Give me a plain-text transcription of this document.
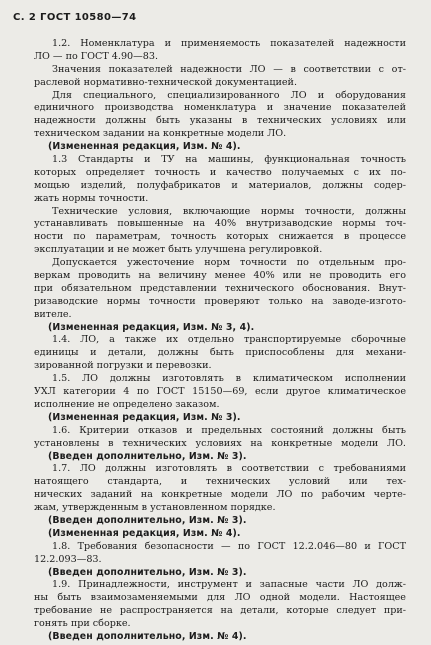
С. 2 ГОСТ 10580—74
1.2. Номенклатура и применяемость показателей надежности
ЛО — по ГОСТ 4.90—83.
Значения показателей надежности ЛО — в соответствии с от-
раслевой нормативно-технической документацией.
Для специального, специализированного ЛО и оборудования
единичного производства номенклатура и значение показателей
надежности должны быть указаны в технических условиях или
техническом задании на конкретные модели ЛО.
(Измененная редакция, Изм. № 4).
1.3 Стандарты и ТУ на машины, функциональная точность
которых определяет точность и качество получаемых с их по-
мощью изделий, полуфабрикатов и материалов, должны содер-
жать нормы точности.
Технические условия, включающие нормы точности, должны
устанавливать повышенные на 40% внутризаводские нормы точ-
ности по параметрам, точность которых снижается в процессе
эксплуатации и не может быть улучшена регулировкой.
Допускается ужесточение норм точности по отдельным про-
веркам проводить на величину менее 40% или не проводить его
при обязательном представлении технического обоснования. Внут-
ризаводские нормы точности проверяют только на заводе-изгото-
вителе.
(Измененная редакция, Изм. № 3, 4).
1.4. ЛО, а также их отдельно транспортируемые сборочные
единицы и детали, должны быть приспособлены для механи-
зированной погрузки и перевозки.
1.5. ЛО должны изготовлять в климатическом исполнении
УХЛ категории 4 по ГОСТ 15150—69, если другое климатическое
исполнение не определено заказом.
(Измененная редакция, Изм. № 3).
1.6. Критерии отказов и предельных состояний должны быть
установлены в технических условиях на конкретные модели ЛО.
(Введен дополнительно, Изм. № 3).
1.7. ЛО должны изготовлять в соответствии с требованиями
натоящего стандарта, и технических условий или тех-
нических заданий на конкретные модели ЛО по рабочим черте-
жам, утвержденным в установленном порядке.
(Введен дополнительно, Изм. № 3).
(Измененная редакция, Изм. № 4).
1.8. Требования безопасности — по ГОСТ 12.2.046—80 и ГОСТ
12.2.093—83.
(Введен дополнительно, Изм. № 3).
1.9. Принадлежности, инструмент и запасные части ЛО долж-
ны быть взаимозаменяемыми для ЛО одной модели. Настоящее
требование не распространяется на детали, которые следует при-
гонять при сборке.
(Введен дополнительно, Изм. № 4).
